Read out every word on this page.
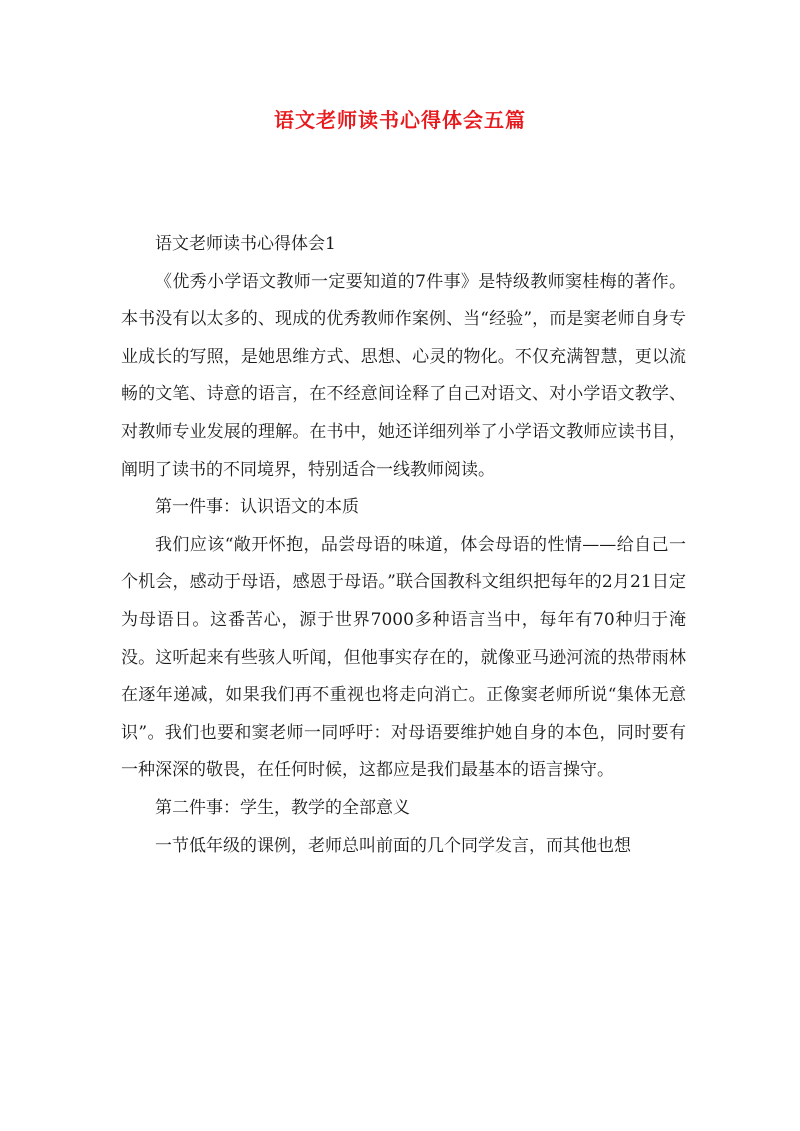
语文老师读书心得体会五篇

语文老师读书心得体会1

《优秀小学语文教师一定要知道的7件事》是特级教师窦桂梅的著作。本书没有以太多的、现成的优秀教师作案例、当“经验”，而是窦老师自身专业成长的写照，是她思维方式、思想、心灵的物化。不仅充满智慧，更以流畅的文笔、诗意的语言，在不经意间诠释了自己对语文、对小学语文教学、对教师专业发展的理解。在书中，她还详细列举了小学语文教师应读书目，阐明了读书的不同境界，特别适合一线教师阅读。

第一件事：认识语文的本质

我们应该“敞开怀抱，品尝母语的味道，体会母语的性情——给自己一个机会，感动于母语，感恩于母语。”联合国教科文组织把每年的2月21日定为母语日。这番苦心，源于世界7000多种语言当中，每年有70种归于淹没。这听起来有些骇人听闻，但他事实存在的，就像亚马逊河流的热带雨林在逐年递减，如果我们再不重视也将走向消亡。正像窦老师所说“集体无意识”。我们也要和窦老师一同呼吁：对母语要维护她自身的本色，同时要有一种深深的敬畏，在任何时候，这都应是我们最基本的语言操守。

第二件事：学生，教学的全部意义

一节低年级的课例，老师总叫前面的几个同学发言，而其他也想
